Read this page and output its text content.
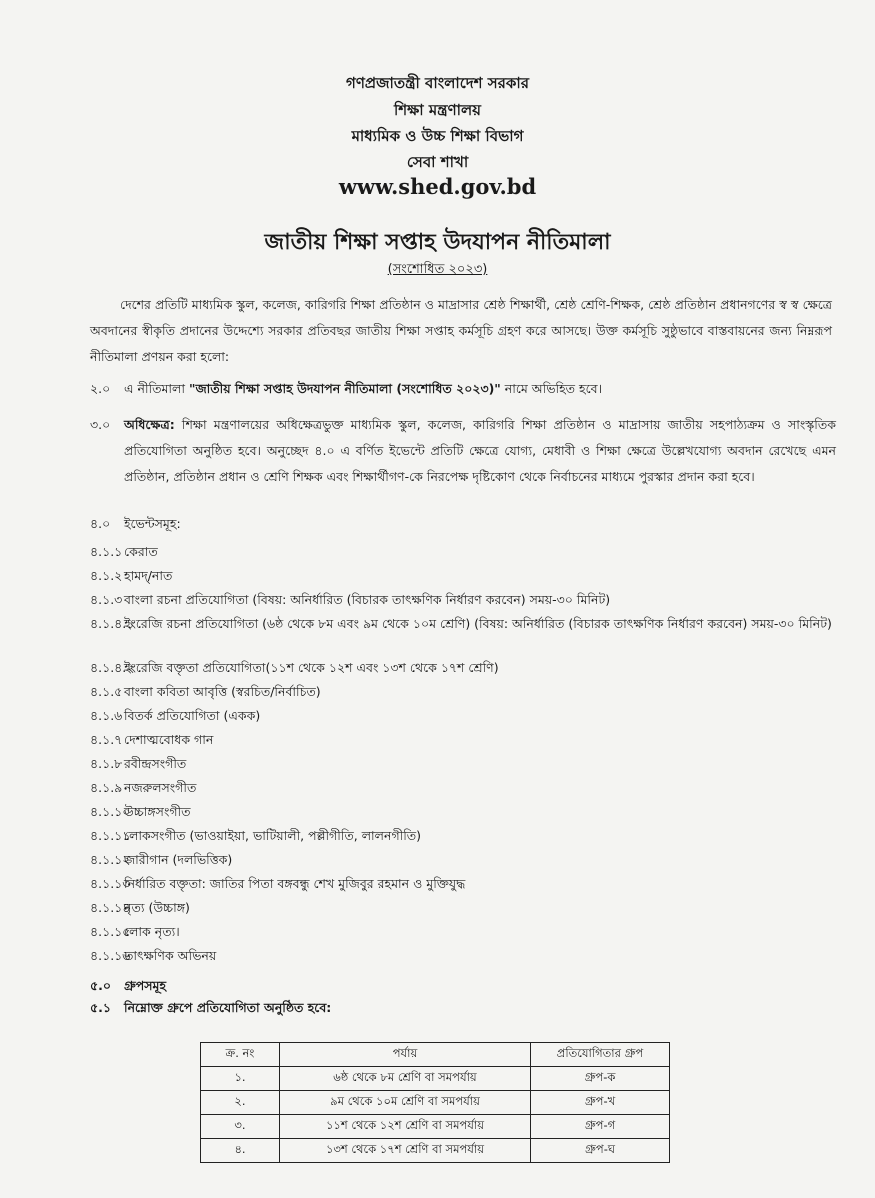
গণপ্রজাতন্ত্রী বাংলাদেশ সরকার
শিক্ষা মন্ত্রণালয়
মাধ্যমিক ও উচ্চ শিক্ষা বিভাগ
সেবা শাখা
www.shed.gov.bd
জাতীয় শিক্ষা সপ্তাহ উদযাপন নীতিমালা
(সংশোধিত ২০২৩)
দেশের প্রতিটি মাধ্যমিক স্কুল, কলেজ, কারিগরি শিক্ষা প্রতিষ্ঠান ও মাদ্রাসার শ্রেষ্ঠ শিক্ষার্থী, শ্রেষ্ঠ শ্রেণি-শিক্ষক, শ্রেষ্ঠ প্রতিষ্ঠান প্রধানগণের স্ব স্ব ক্ষেত্রে অবদানের স্বীকৃতি প্রদানের উদ্দেশ্যে সরকার প্রতিবছর জাতীয় শিক্ষা সপ্তাহ কর্মসূচি গ্রহণ করে আসছে। উক্ত কর্মসূচি সুষ্ঠুভাবে বাস্তবায়নের জন্য নিম্নরূপ নীতিমালা প্রণয়ন করা হলো:
২.০ এ নীতিমালা "জাতীয় শিক্ষা সপ্তাহ উদযাপন নীতিমালা (সংশোধিত ২০২৩)" নামে অভিহিত হবে।
৩.০ অধিক্ষেত্র: শিক্ষা মন্ত্রণালয়ের অধিক্ষেত্রভুক্ত মাধ্যমিক স্কুল, কলেজ, কারিগরি শিক্ষা প্রতিষ্ঠান ও মাদ্রাসায় জাতীয় সহপাঠ্যক্রম ও সাংস্কৃতিক প্রতিযোগিতা অনুষ্ঠিত হবে। অনুচ্ছেদ ৪.০ এ বর্ণিত ইভেন্টে প্রতিটি ক্ষেত্রে যোগ্য, মেধাবী ও শিক্ষা ক্ষেত্রে উল্লেখযোগ্য অবদান রেখেছে এমন প্রতিষ্ঠান, প্রতিষ্ঠান প্রধান ও শ্রেণি শিক্ষক এবং শিক্ষার্থীগণ-কে নিরপেক্ষ দৃষ্টিকোণ থেকে নির্বাচনের মাধ্যমে পুরস্কার প্রদান করা হবে।
৪.০ ইভেন্টসমূহ:
৪.১.১ কেরাত
৪.১.২ হামদ্/নাত
৪.১.৩ বাংলা রচনা প্রতিযোগিতা (বিষয়: অনির্ধারিত (বিচারক তাৎক্ষণিক নির্ধারণ করবেন) সময়-৩০ মিনিট)
৪.১.৪.১
ইংরেজি রচনা প্রতিযোগিতা (৬ষ্ঠ থেকে ৮ম এবং ৯ম থেকে ১০ম শ্রেণি) (বিষয়: অনির্ধারিত (বিচারক তাৎক্ষণিক নির্ধারণ করবেন) সময়-৩০ মিনিট)
৪.১.৪.২
ইংরেজি বক্তৃতা প্রতিযোগিতা(১১শ থেকে ১২শ এবং ১৩শ থেকে ১৭শ শ্রেণি)
৪.১.৫ বাংলা কবিতা আবৃত্তি (স্বরচিত/নির্বাচিত)
৪.১.৬ বিতর্ক প্রতিযোগিতা (একক)
৪.১.৭ দেশাত্মবোধক গান
৪.১.৮ রবীন্দ্রসংগীত
৪.১.৯ নজরুলসংগীত
৪.১.১০
উচ্চাঙ্গসংগীত
৪.১.১১
লোকসংগীত (ভাওয়াইয়া, ভাটিয়ালী, পল্লীগীতি, লালনগীতি)
৪.১.১২
জারীগান (দলভিত্তিক)
৪.১.১৩
নির্ধারিত বক্তৃতা: জাতির পিতা বঙ্গবন্ধু শেখ মুজিবুর রহমান ও মুক্তিযুদ্ধ
৪.১.১৪
নৃত্য (উচ্চাঙ্গ)
৪.১.১৫
লোক নৃত্য।
৪.১.১৬
তাৎক্ষণিক অভিনয়
৫.০ গ্রুপসমূহ
৫.১ নিম্নোক্ত গ্রুপে প্রতিযোগিতা অনুষ্ঠিত হবে:
ক্র. নং	পর্যায়	প্রতিযোগিতার গ্রুপ
১.	৬ষ্ঠ থেকে ৮ম শ্রেণি বা সমপর্যায়	গ্রুপ-ক
২.	৯ম থেকে ১০ম শ্রেণি বা সমপর্যায়	গ্রুপ-খ
৩.	১১শ থেকে ১২শ শ্রেণি বা সমপর্যায়	গ্রুপ-গ
৪.	১৩শ থেকে ১৭শ শ্রেণি বা সমপর্যায়	গ্রুপ-ঘ
